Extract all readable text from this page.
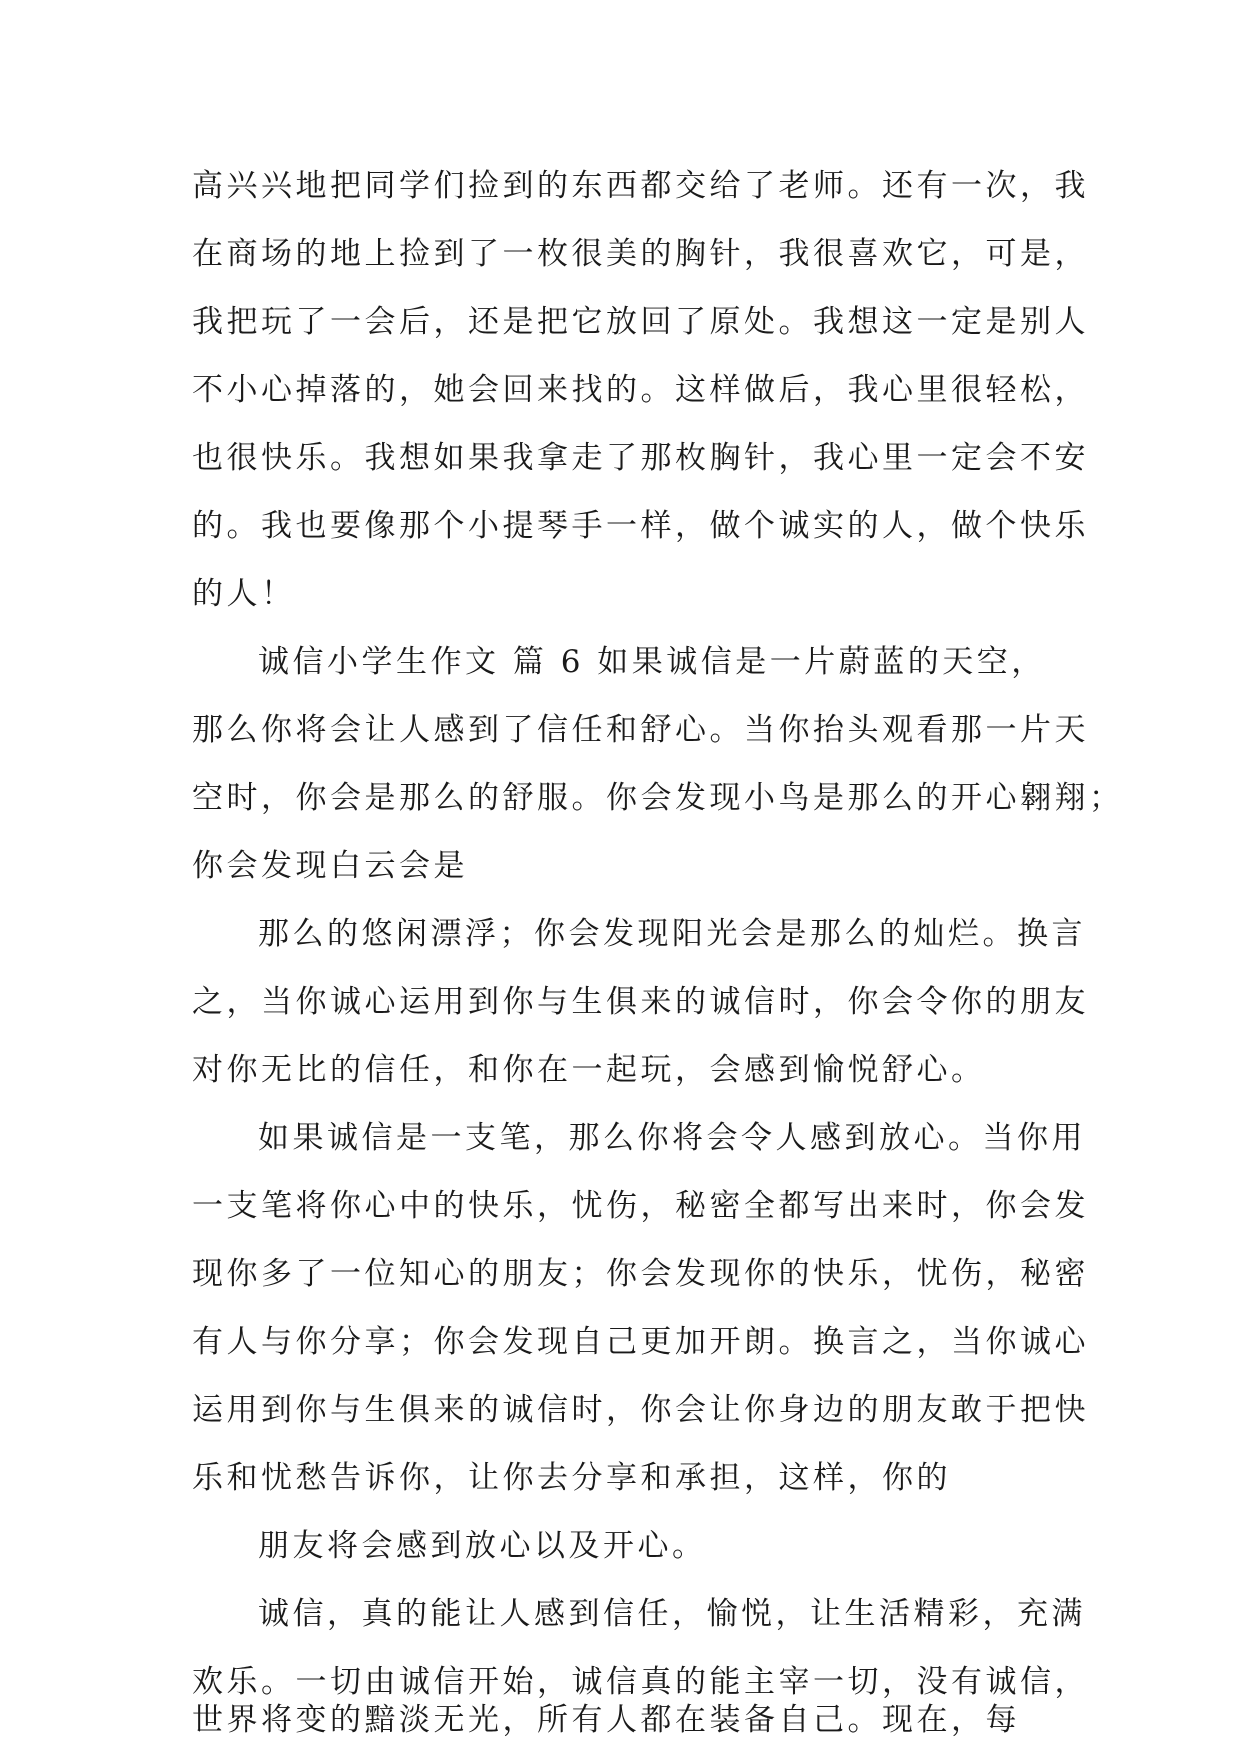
高兴兴地把同学们捡到的东西都交给了老师。还有一次，我
在商场的地上捡到了一枚很美的胸针，我很喜欢它，可是，
我把玩了一会后，还是把它放回了原处。我想这一定是别人
不小心掉落的，她会回来找的。这样做后，我心里很轻松，
也很快乐。我想如果我拿走了那枚胸针，我心里一定会不安
的。我也要像那个小提琴手一样，做个诚实的人，做个快乐
的人！
诚信小学生作文 篇 6 如果诚信是一片蔚蓝的天空，
那么你将会让人感到了信任和舒心。当你抬头观看那一片天
空时，你会是那么的舒服。你会发现小鸟是那么的开心翱翔；
你会发现白云会是
那么的悠闲漂浮；你会发现阳光会是那么的灿烂。换言
之，当你诚心运用到你与生俱来的诚信时，你会令你的朋友
对你无比的信任，和你在一起玩，会感到愉悦舒心。
如果诚信是一支笔，那么你将会令人感到放心。当你用
一支笔将你心中的快乐，忧伤，秘密全都写出来时，你会发
现你多了一位知心的朋友；你会发现你的快乐，忧伤，秘密
有人与你分享；你会发现自己更加开朗。换言之，当你诚心
运用到你与生俱来的诚信时，你会让你身边的朋友敢于把快
乐和忧愁告诉你，让你去分享和承担，这样，你的
朋友将会感到放心以及开心。
诚信，真的能让人感到信任，愉悦，让生活精彩，充满
欢乐。一切由诚信开始，诚信真的能主宰一切，没有诚信，
世界将变的黯淡无光，所有人都在装备自己。现在，每
